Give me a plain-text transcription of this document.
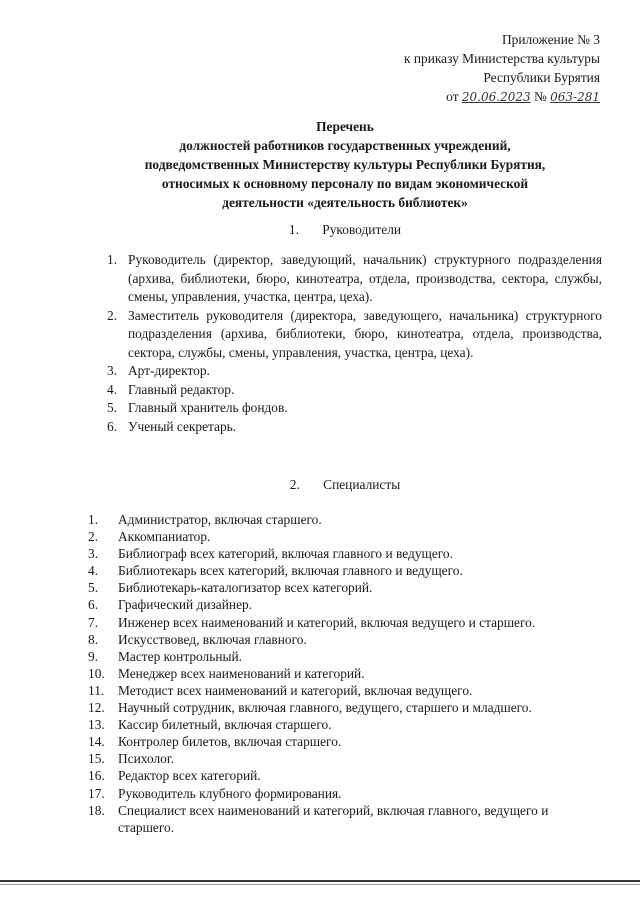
Приложение № 3
к приказу Министерства культуры
Республики Бурятия
от 20.06.2023 № 063-281
Перечень
должностей работников государственных учреждений,
подведомственных Министерству культуры Республики Бурятия,
относимых к основному персоналу по видам экономической
деятельности «деятельность библиотек»
1. Руководители
1. Руководитель (директор, заведующий, начальник) структурного подразделения (архива, библиотеки, бюро, кинотеатра, отдела, производства, сектора, службы, смены, управления, участка, центра, цеха).
2. Заместитель руководителя (директора, заведующего, начальника) структурного подразделения (архива, библиотеки, бюро, кинотеатра, отдела, производства, сектора, службы, смены, управления, участка, центра, цеха).
3. Арт-директор.
4. Главный редактор.
5. Главный хранитель фондов.
6. Ученый секретарь.
2. Специалисты
1. Администратор, включая старшего.
2. Аккомпаниатор.
3. Библиограф всех категорий, включая главного и ведущего.
4. Библиотекарь всех категорий, включая главного и ведущего.
5. Библиотекарь-каталогизатор всех категорий.
6. Графический дизайнер.
7. Инженер всех наименований и категорий, включая ведущего и старшего.
8. Искусствовед, включая главного.
9. Мастер контрольный.
10. Менеджер всех наименований и категорий.
11. Методист всех наименований и категорий, включая ведущего.
12. Научный сотрудник, включая главного, ведущего, старшего и младшего.
13. Кассир билетный, включая старшего.
14. Контролер билетов, включая старшего.
15. Психолог.
16. Редактор всех категорий.
17. Руководитель клубного формирования.
18. Специалист всех наименований и категорий, включая главного, ведущего и старшего.
